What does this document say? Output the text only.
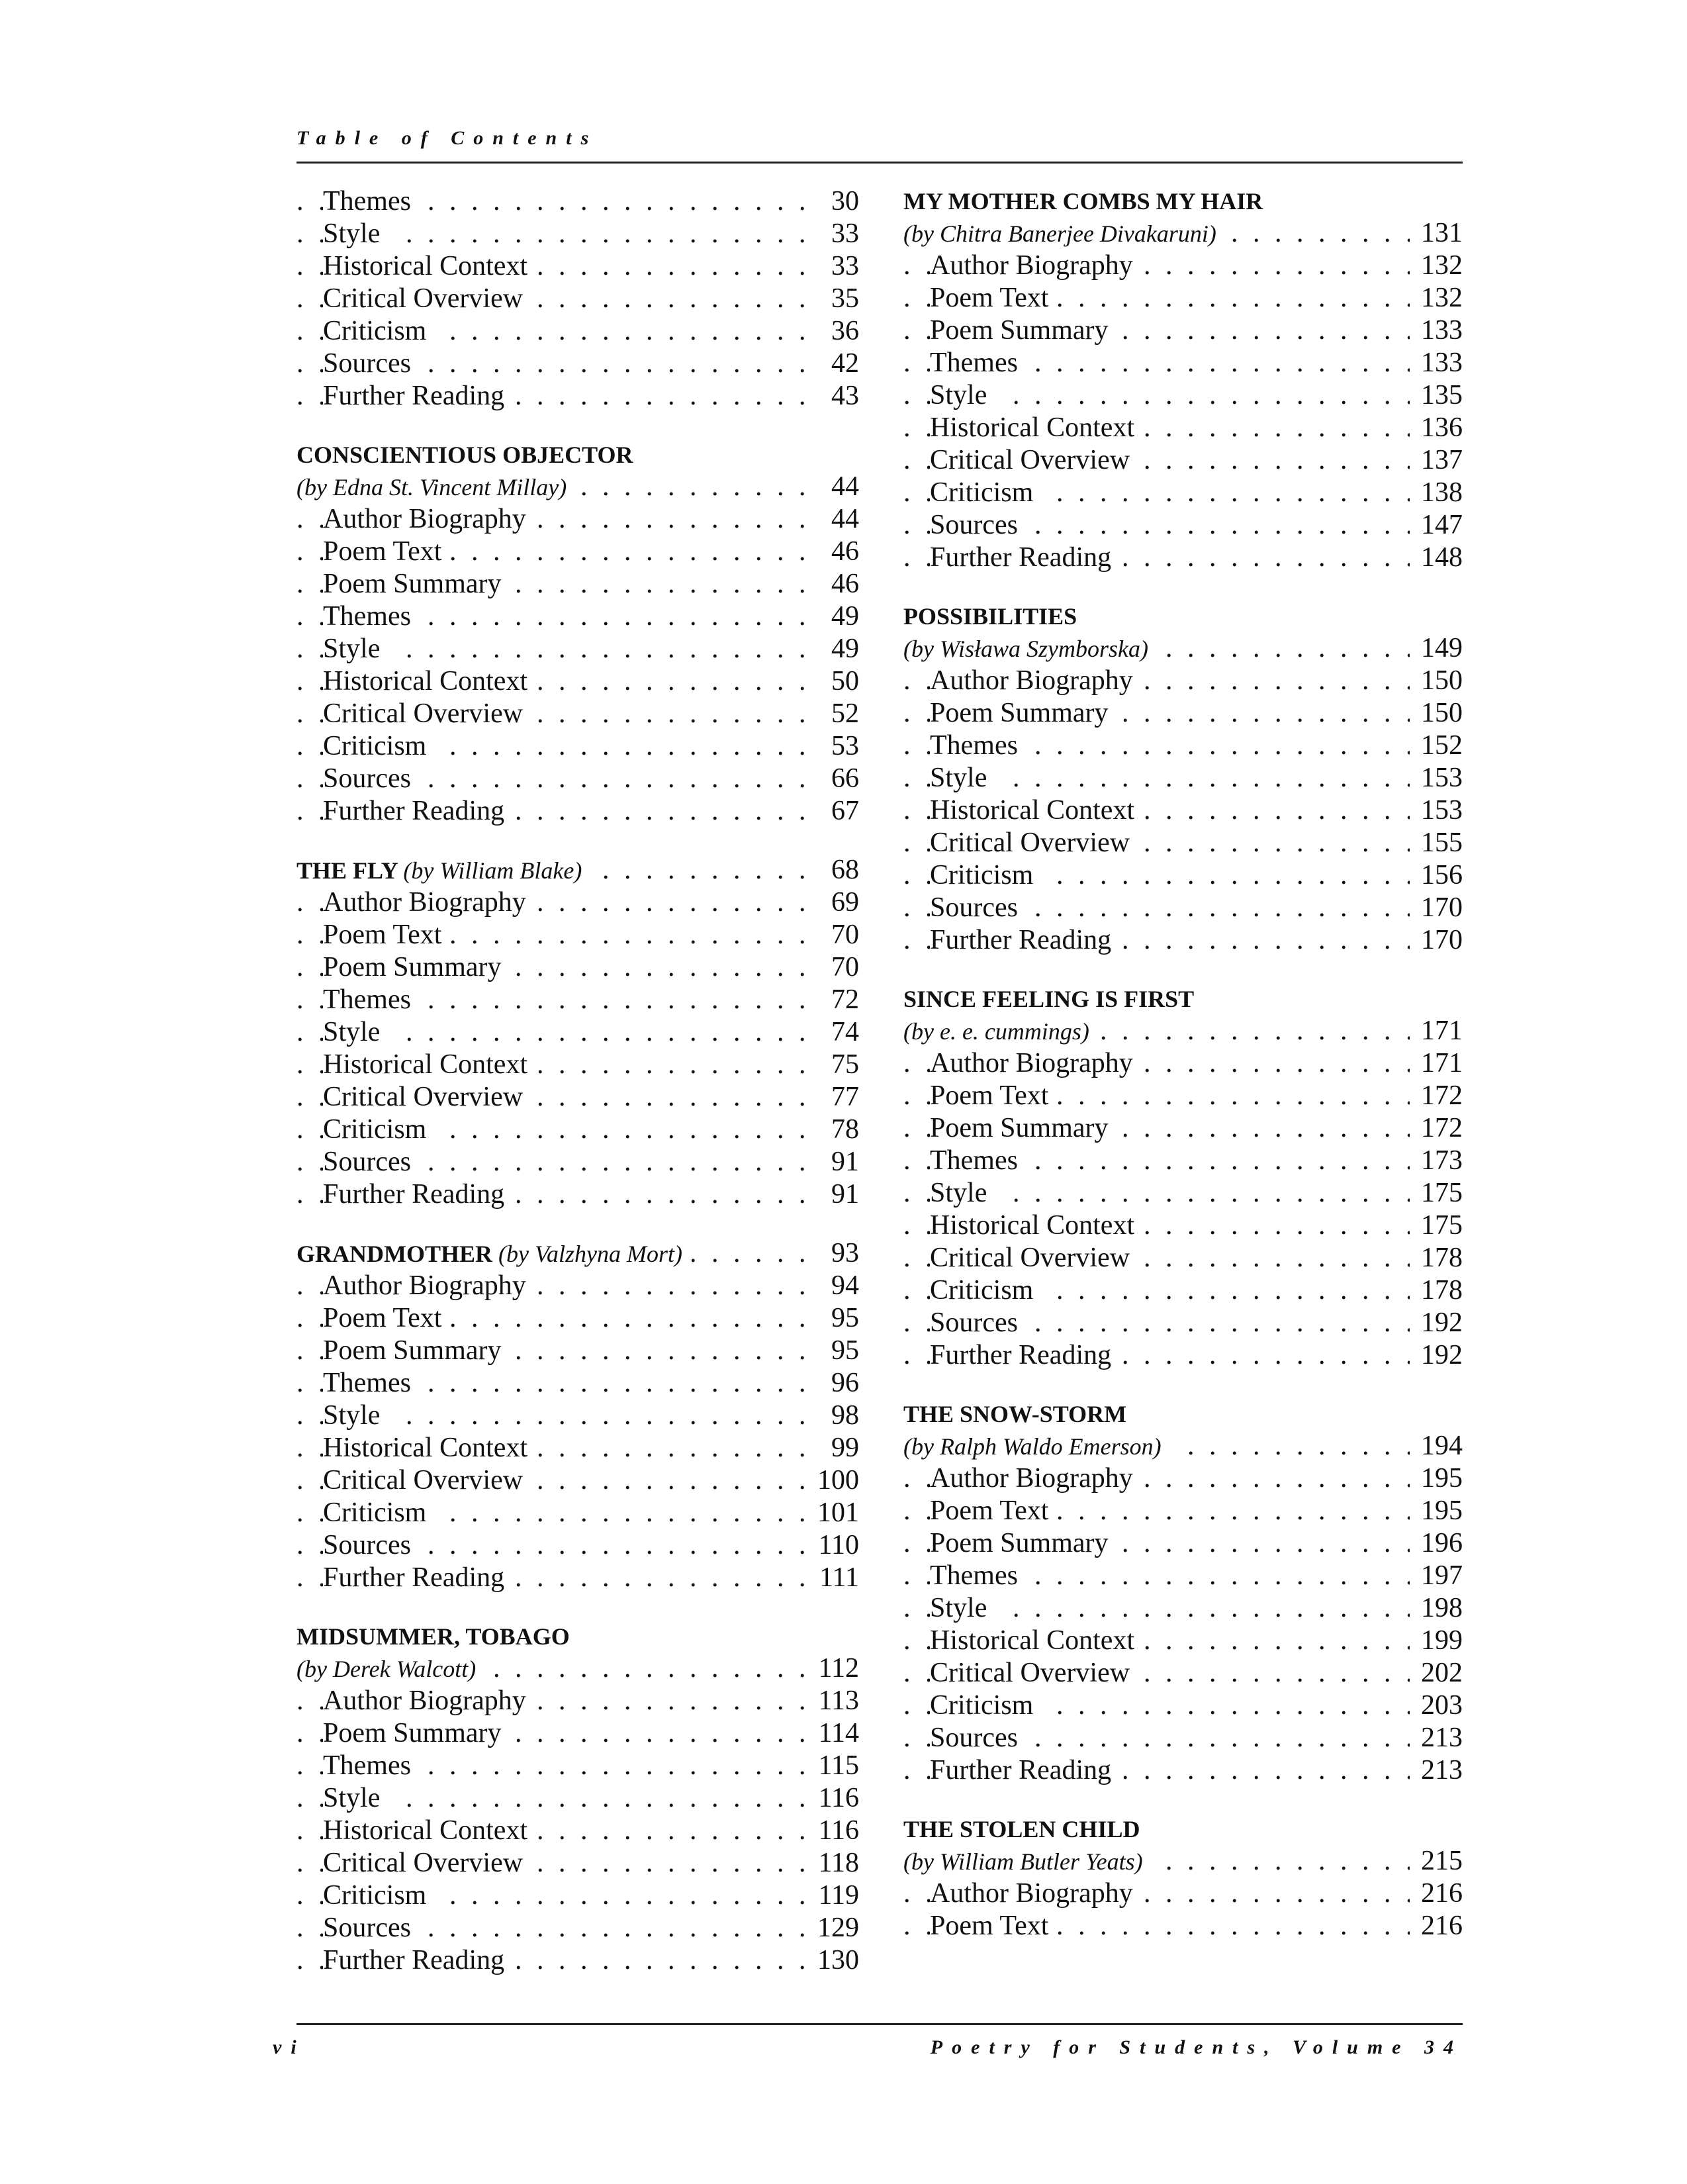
Table of Contents
Themes . .	30
Style . .	33
Historical Context . .	33
Critical Overview . .	35
Criticism . .	36
Sources . .	42
Further Reading . .	43
CONSCIENTIOUS OBJECTOR
(by Edna St. Vincent Millay) . .	44
Author Biography . .	44
Poem Text . .	46
Poem Summary . .	46
Themes . .	49
Style . .	49
Historical Context . .	50
Critical Overview . .	52
Criticism . .	53
Sources . .	66
Further Reading . .	67
THE FLY (by William Blake) . .	68
Author Biography . .	69
Poem Text . .	70
Poem Summary . .	70
Themes . .	72
Style . .	74
Historical Context . .	75
Critical Overview . .	77
Criticism . .	78
Sources . .	91
Further Reading . .	91
GRANDMOTHER (by Valzhyna Mort) . .	93
Author Biography . .	94
Poem Text . .	95
Poem Summary . .	95
Themes . .	96
Style . .	98
Historical Context . .	99
Critical Overview . .	100
Criticism . .	101
Sources . .	110
Further Reading . .	111
MIDSUMMER, TOBAGO
(by Derek Walcott) . .	112
Author Biography . .	113
Poem Summary . .	114
Themes . .	115
Style . .	116
Historical Context . .	116
Critical Overview . .	118
Criticism . .	119
Sources . .	129
Further Reading . .	130
MY MOTHER COMBS MY HAIR
(by Chitra Banerjee Divakaruni) . .	131
Author Biography . .	132
Poem Text . .	132
Poem Summary . .	133
Themes . .	133
Style . .	135
Historical Context . .	136
Critical Overview . .	137
Criticism . .	138
Sources . .	147
Further Reading . .	148
POSSIBILITIES
(by Wisława Szymborska) . .	149
Author Biography . .	150
Poem Summary . .	150
Themes . .	152
Style . .	153
Historical Context . .	153
Critical Overview . .	155
Criticism . .	156
Sources . .	170
Further Reading . .	170
SINCE FEELING IS FIRST
(by e. e. cummings) . .	171
Author Biography . .	171
Poem Text . .	172
Poem Summary . .	172
Themes . .	173
Style . .	175
Historical Context . .	175
Critical Overview . .	178
Criticism . .	178
Sources . .	192
Further Reading . .	192
THE SNOW-STORM
(by Ralph Waldo Emerson) . .	194
Author Biography . .	195
Poem Text . .	195
Poem Summary . .	196
Themes . .	197
Style . .	198
Historical Context . .	199
Critical Overview . .	202
Criticism . .	203
Sources . .	213
Further Reading . .	213
THE STOLEN CHILD
(by William Butler Yeats) . .	215
Author Biography . .	216
Poem Text . .	216
vi	Poetry for Students, Volume 34
